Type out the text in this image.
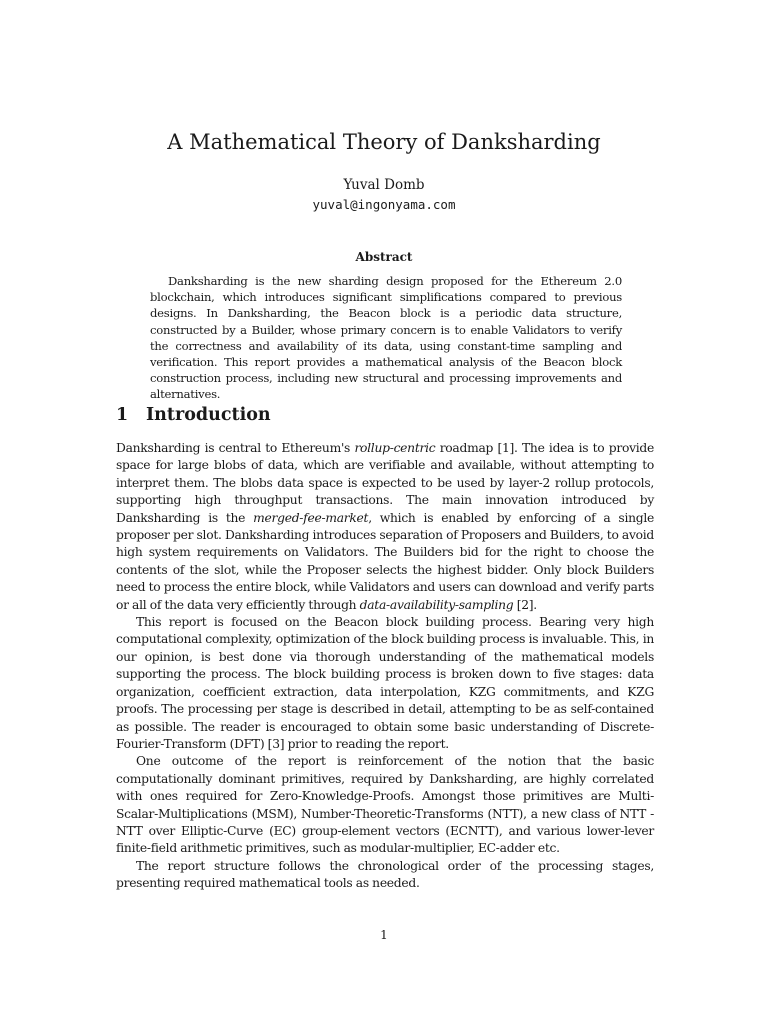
A Mathematical Theory of Danksharding
Yuval Domb
yuval@ingonyama.com
Abstract

Danksharding is the new sharding design proposed for the Ethereum 2.0 blockchain, which introduces significant simplifications compared to previous designs. In Danksharding, the Beacon block is a periodic data structure, constructed by a Builder, whose primary concern is to enable Validators to verify the correctness and availability of its data, using constant-time sampling and verification. This report provides a mathematical analysis of the Beacon block construction process, including new structural and processing improvements and alternatives.

1 Introduction

Danksharding is central to Ethereum's rollup-centric roadmap [1]. The idea is to provide space for large blobs of data, which are verifiable and available, without attempting to interpret them. The blobs data space is expected to be used by layer-2 rollup protocols, supporting high throughput transactions. The main innovation introduced by Danksharding is the merged-fee-market, which is enabled by enforcing of a single proposer per slot. Danksharding introduces separation of Proposers and Builders, to avoid high system requirements on Validators. The Builders bid for the right to choose the contents of the slot, while the Proposer selects the highest bidder. Only block Builders need to process the entire block, while Validators and users can download and verify parts or all of the data very efficiently through data-availability-sampling [2].

This report is focused on the Beacon block building process. Bearing very high computational complexity, optimization of the block building process is invaluable. This, in our opinion, is best done via thorough understanding of the mathematical models supporting the process. The block building process is broken down to five stages: data organization, coefficient extraction, data interpolation, KZG commitments, and KZG proofs. The processing per stage is described in detail, attempting to be as self-contained as possible. The reader is encouraged to obtain some basic understanding of Discrete-Fourier-Transform (DFT) [3] prior to reading the report.

One outcome of the report is reinforcement of the notion that the basic computationally dominant primitives, required by Danksharding, are highly correlated with ones required for Zero-Knowledge-Proofs. Amongst those primitives are Multi-Scalar-Multiplications (MSM), Number-Theoretic-Transforms (NTT), a new class of NTT - NTT over Elliptic-Curve (EC) group-element vectors (ECNTT), and various lower-lever finite-field arithmetic primitives, such as modular-multiplier, EC-adder etc.

The report structure follows the chronological order of the processing stages, presenting required mathematical tools as needed.

1
